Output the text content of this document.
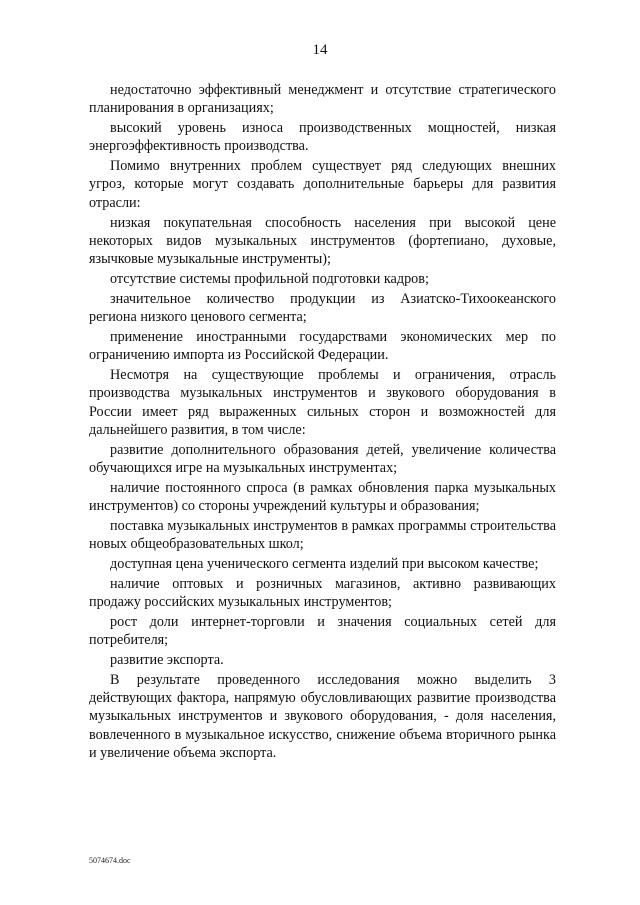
14

недостаточно эффективный менеджмент и отсутствие стратегического планирования в организациях;

высокий уровень износа производственных мощностей, низкая энергоэффективность производства.

Помимо внутренних проблем существует ряд следующих внешних угроз, которые могут создавать дополнительные барьеры для развития отрасли:

низкая покупательная способность населения при высокой цене некоторых видов музыкальных инструментов (фортепиано, духовые, язычковые музыкальные инструменты);

отсутствие системы профильной подготовки кадров;

значительное количество продукции из Азиатско-Тихоокеанского региона низкого ценового сегмента;

применение иностранными государствами экономических мер по ограничению импорта из Российской Федерации.

Несмотря на существующие проблемы и ограничения, отрасль производства музыкальных инструментов и звукового оборудования в России имеет ряд выраженных сильных сторон и возможностей для дальнейшего развития, в том числе:

развитие дополнительного образования детей, увеличение количества обучающихся игре на музыкальных инструментах;

наличие постоянного спроса (в рамках обновления парка музыкальных инструментов) со стороны учреждений культуры и образования;

поставка музыкальных инструментов в рамках программы строительства новых общеобразовательных школ;

доступная цена ученического сегмента изделий при высоком качестве;

наличие оптовых и розничных магазинов, активно развивающих продажу российских музыкальных инструментов;

рост доли интернет-торговли и значения социальных сетей для потребителя;

развитие экспорта.

В результате проведенного исследования можно выделить 3 действующих фактора, напрямую обусловливающих развитие производства музыкальных инструментов и звукового оборудования, - доля населения, вовлеченного в музыкальное искусство, снижение объема вторичного рынка и увеличение объема экспорта.

5074674.doc
